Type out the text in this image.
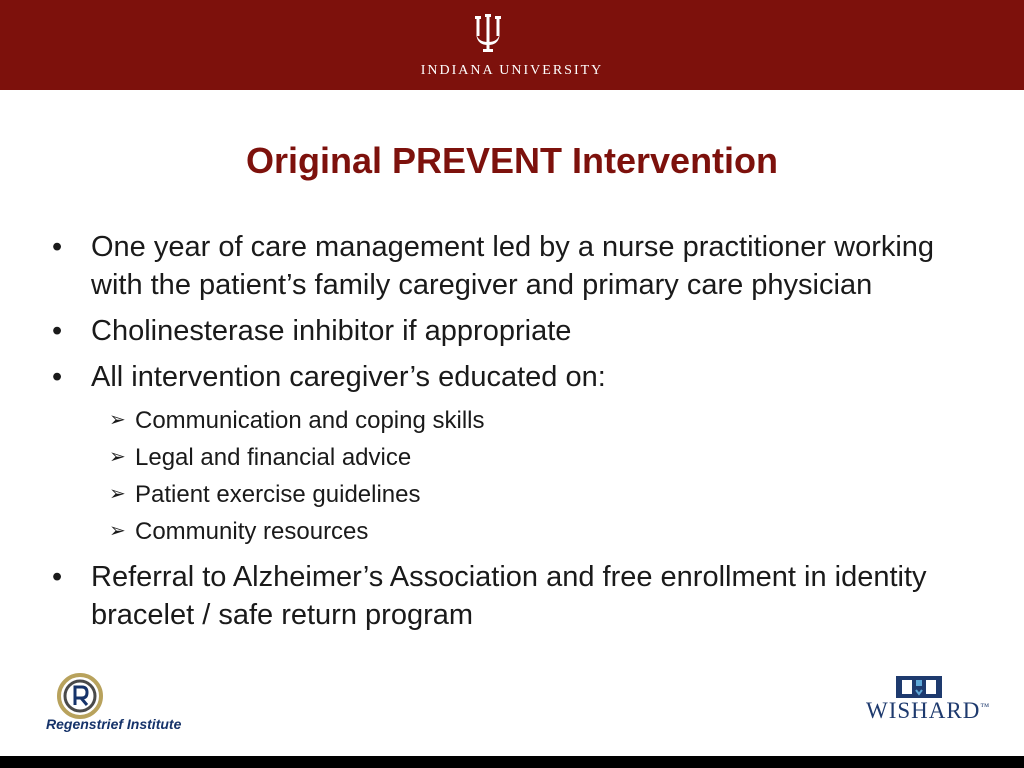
INDIANA UNIVERSITY
Original PREVENT Intervention
• One year of care management led by a nurse practitioner working with the patient’s family caregiver and primary care physician
• Cholinesterase inhibitor if appropriate
• All intervention caregiver’s educated on:
➢ Communication and coping skills
➢ Legal and financial advice
➢ Patient exercise guidelines
➢ Community resources
• Referral to Alzheimer’s Association and free enrollment in identity bracelet / safe return program
Regenstrief Institute
WISHARD™
